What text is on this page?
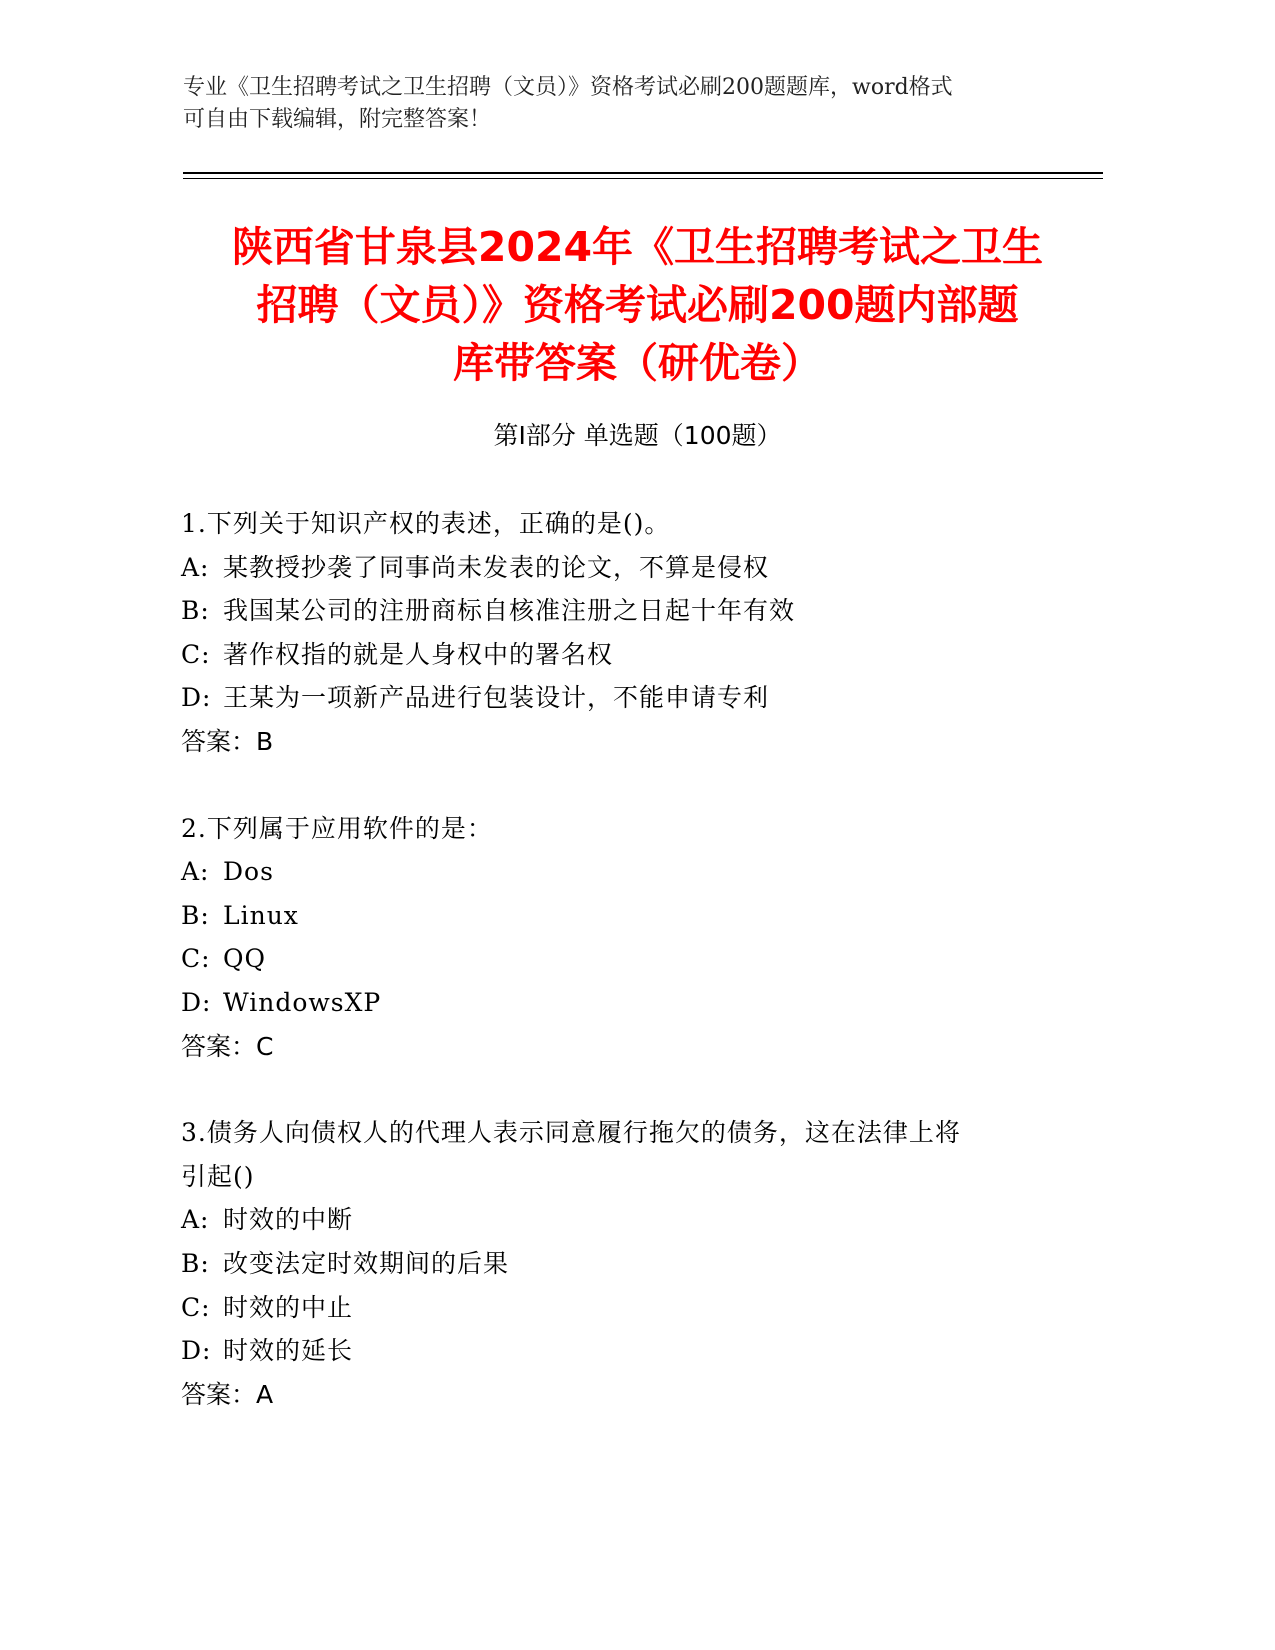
专业《卫生招聘考试之卫生招聘（文员）》资格考试必刷200题题库，word格式
可自由下载编辑，附完整答案！
陕西省甘泉县2024年《卫生招聘考试之卫生
招聘（文员）》资格考试必刷200题内部题
库带答案（研优卷）
第I部分 单选题（100题）
1.下列关于知识产权的表述，正确的是()。
A: 某教授抄袭了同事尚未发表的论文，不算是侵权
B: 我国某公司的注册商标自核准注册之日起十年有效
C: 著作权指的就是人身权中的署名权
D: 王某为一项新产品进行包装设计，不能申请专利
答案：B
2.下列属于应用软件的是：
A: Dos
B: Linux
C: QQ
D: WindowsXP
答案：C
3.债务人向债权人的代理人表示同意履行拖欠的债务，这在法律上将
引起()
A: 时效的中断
B: 改变法定时效期间的后果
C: 时效的中止
D: 时效的延长
答案：A
